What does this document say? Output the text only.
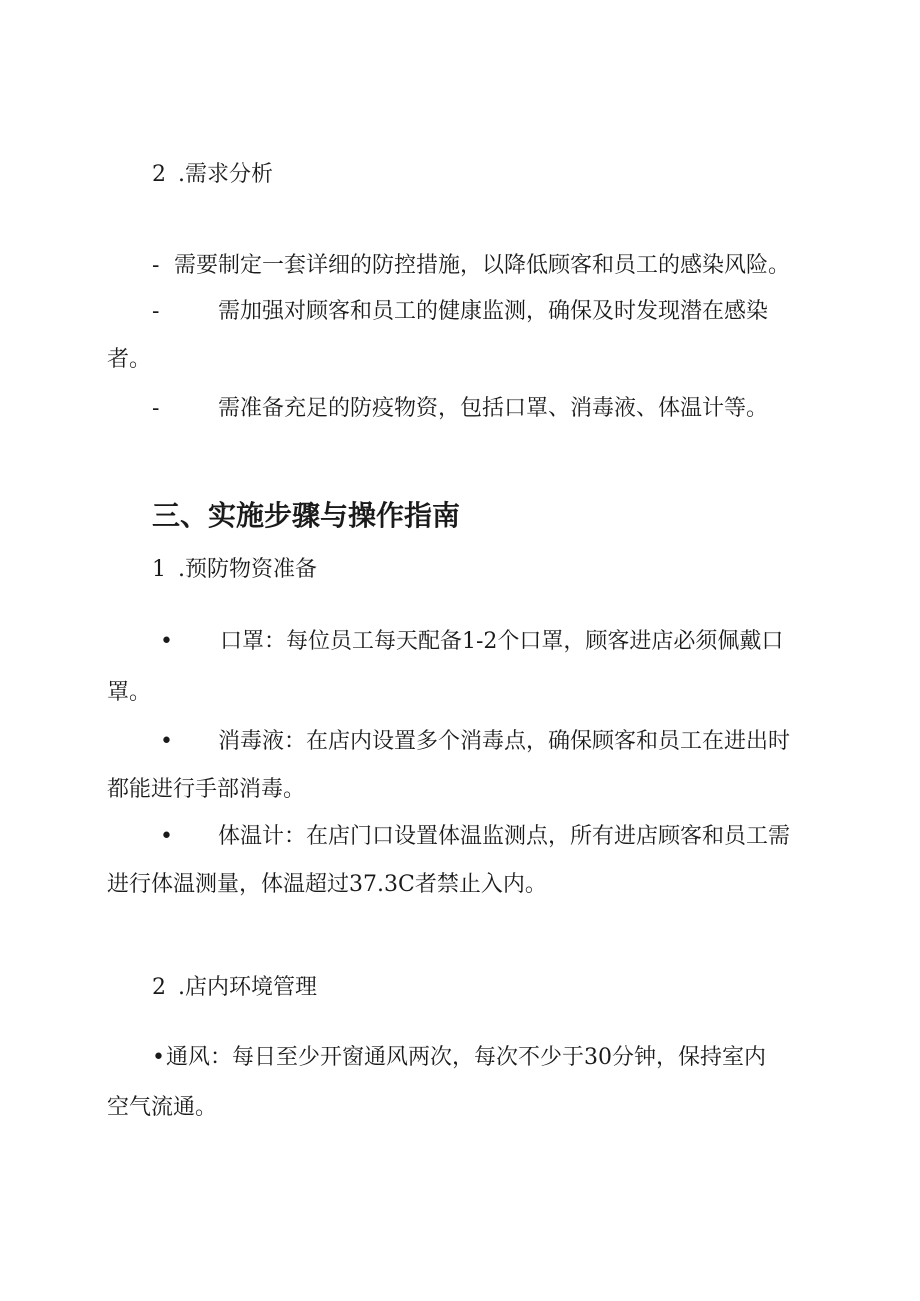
2 .需求分析
- 需要制定一套详细的防控措施，以降低顾客和员工的感染风险。
-	需加强对顾客和员工的健康监测，确保及时发现潜在感染
者。
-	需准备充足的防疫物资，包括口罩、消毒液、体温计等。
三、实施步骤与操作指南
1 .预防物资准备
• 口罩：每位员工每天配备1-2个口罩，顾客进店必须佩戴口
罩。
• 消毒液：在店内设置多个消毒点，确保顾客和员工在进出时
都能进行手部消毒。
• 体温计：在店门口设置体温监测点，所有进店顾客和员工需
进行体温测量，体温超过37.3C者禁止入内。
2 .店内环境管理
•通风：每日至少开窗通风两次，每次不少于30分钟，保持室内
空气流通。
